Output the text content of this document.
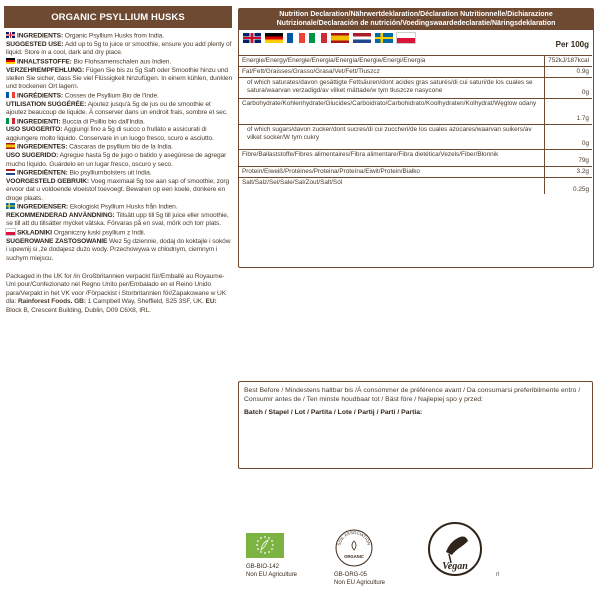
ORGANIC PSYLLIUM HUSKS
INGREDIENTS: Organic Psyllium Husks from India.
SUGGESTED USE: Add up to 5g to juice or smoothie, ensure you add plenty of liquid. Store in a cool, dark and dry place.
INHALTSSTOFFE: Bio Flohsamenschalen aus Indien.
VERZEHREMPFEHLUNG: Fügen Sie bis zu 5g Saft oder Smoothie hinzu und stellen Sie sicher, dass Sie viel Flüssigkeit hinzufügen. In einem kühlen, dunklen und trockenen Ort lagern.
INGRÉDIENTS: Cosses de Psyllium Bio de l'Inde.
UTILISATION SUGGÉRÉE: Ajoutez jusqu'à 5g de jus ou de smoothie et ajoutez beaucoup de liquide. À conserver dans un endroit frais, sombre et sec.
INGREDIENTI: Buccia di Psillio bio dall'India.
USO SUGGERITO: Aggiungi fino a 5g di succo o frullato e assicurati di aggiungere molto liquido. Conservare in un luogo fresco, scuro e asciutto.
INGREDIENTES: Cáscaras de psyllium bio de la India.
USO SUGERIDO: Agregue hasta 5g de jugo o batido y asegúrese de agregar mucho líquido. Guárdelo en un lugar fresco, oscuro y seco.
INGREDIËNTEN: Bio psylliumbolsters uit India.
VOORGESTELD GEBRUIK: Voeg maximaal 5g toe aan sap of smoothie, zorg ervoor dat u voldoende vloeistof toevoegt. Bewaren op een koele, donkere en droge plaats.
INGREDIENSER: Ekologiskt Psyllium Husks från Indien.
REKOMMENDERAD ANVÄNDNING: Tillsätt upp till 5g till juice eller smoothie, se till att du tillsätter mycket vätska. Förvaras på en sval, mörk och torr plats.
SKŁADNIKI Organiczny łuski psyllium z Indii.
SUGEROWANE ZASTOSOWANIE Wez 5g dziennie, dodaj do koktajle i soków i upewnij si ,że dodajesz dużo wody. Przechowywa w chłodnym, ciemnym i suchym miejscu.
Packaged in the UK for /in Großbritannien verpackt für/Emballé au Royaume-Uni pour/Confezionato nel Regno Unito per/Embalado en el Reino Unido para/Verpakt in het VK voor /Förpackist i Storbritannien för/Zapakowane w UK dla: Rainforest Foods. GB: 1 Campbell Way, Sheffield, S25 3SF, UK. EU: Block B, Crescent Building, Dublin, D09 C6X8, IRL.
Nutrition Declaration/Nährwertdeklaration/Déclaration Nutritionnelle/Dichiarazione
Nutrizionale/Declaración de nutrición/Voedingswaardedeclaratie/Näringsdeklaration
Per 100g
Energie/Energy/Energie/Energia/Energia/Energie/Energi/Energia	752kJ/187kcal
Fat/Fett/Graisses/Grasso/Grasa/Vet/Fett/Tłuszcz	0.9g
of which saturates/davon gesättigte Fettsäuren/dont acides gras saturés/di cui saturi/de los cuales se satura/waarvan verzadigd/av vilket mättade/w tym tłuszcze nasycone	0g
Carbohydrate/Kohlenhydrate/Glucides/Carboidrato/Carbohidrato/Koolhydraten/Kolhydrat/Węglow odany	1.7g
of which sugars/davon zucker/dont sucres/di cui zuccheri/de los cuales azúcares/waarvan suikers/av vilket socker/W tym cukry	0g
Fibre/Ballaststoffe/Fibres alimentaires/Fibra alimentare/Fibra dietética/Vezels/Fiber/Błonnik	79g
Protein/Eiweiß/Protéines/Proteina/Proteína/Eiwit/Protein/Białko	3.2g
Salt/Salz/Sel/Sale/Sal/Zout/Salt/Sól	0.25g
Best Before / Mindestens haltbar bis /À consommer de préférence avant / Da consumarsi preferibilmente entro / Consumir antes de / Ten minste houdbaar tot / Bäst före / Najlepiej spo y przed:
Batch / Stapel / Lot / Partita / Lote / Partij / Parti / Partia:
GB-BIO-142
Non EU Agriculture
SOIL ASSOCIATION
ORGANIC
GB-ORG-05
Non EU Agriculture
Vegan
rl
